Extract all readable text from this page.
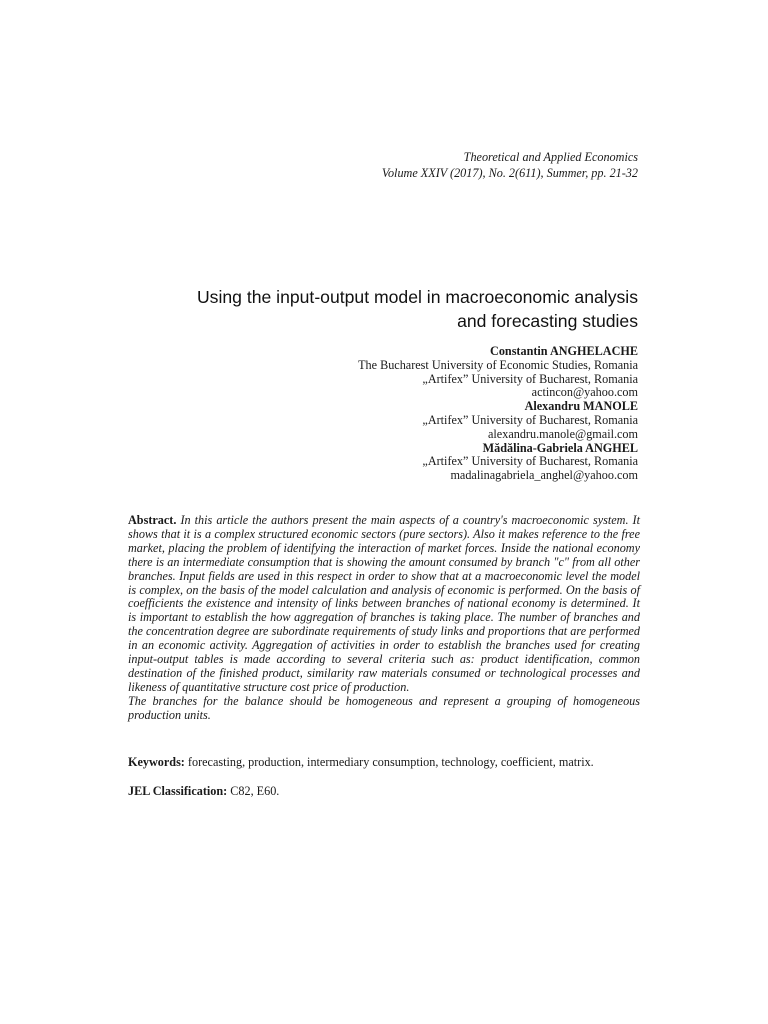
Theoretical and Applied Economics
Volume XXIV (2017), No. 2(611), Summer, pp. 21-32
Using the input-output model in macroeconomic analysis
and forecasting studies
Constantin ANGHELACHE
The Bucharest University of Economic Studies, Romania
„Artifex” University of Bucharest, Romania
actincon@yahoo.com
Alexandru MANOLE
„Artifex” University of Bucharest, Romania
alexandru.manole@gmail.com
Mădălina-Gabriela ANGHEL
„Artifex” University of Bucharest, Romania
madalinagabriela_anghel@yahoo.com

Abstract. In this article the authors present the main aspects of a country's macroeconomic system. It shows that it is a complex structured economic sectors (pure sectors). Also it makes reference to the free market, placing the problem of identifying the interaction of market forces. Inside the national economy there is an intermediate consumption that is showing the amount consumed by branch "c" from all other branches. Input fields are used in this respect in order to show that at a macroeconomic level the model is complex, on the basis of the model calculation and analysis of economic is performed. On the basis of coefficients the existence and intensity of links between branches of national economy is determined. It is important to establish the how aggregation of branches is taking place. The number of branches and the concentration degree are subordinate requirements of study links and proportions that are performed in an economic activity. Aggregation of activities in order to establish the branches used for creating input-output tables is made according to several criteria such as: product identification, common destination of the finished product, similarity raw materials consumed or technological processes and likeness of quantitative structure cost price of production.

The branches for the balance should be homogeneous and represent a grouping of homogeneous production units.

Keywords: forecasting, production, intermediary consumption, technology, coefficient, matrix.
JEL Classification: C82, E60.
